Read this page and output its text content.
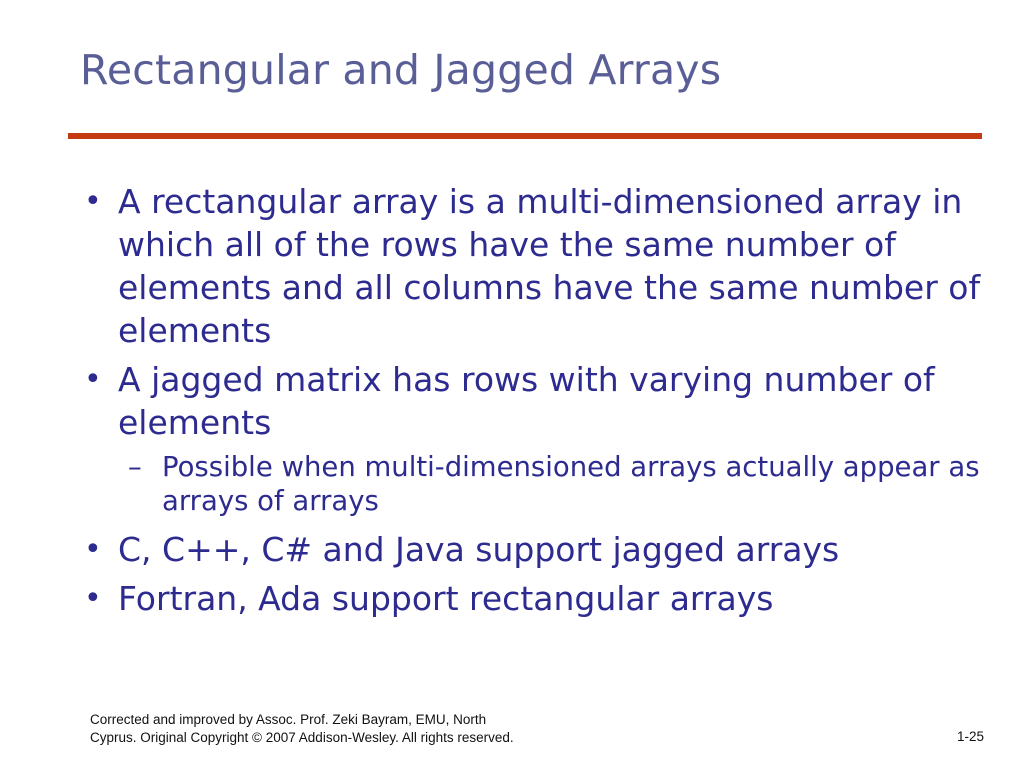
Rectangular and Jagged Arrays
• A rectangular array is a multi-dimensioned array in which all of the rows have the same number of elements and all columns have the same number of elements
• A jagged matrix has rows with varying number of elements
– Possible when multi-dimensioned arrays actually appear as arrays of arrays
• C, C++, C# and Java support jagged arrays
• Fortran, Ada support rectangular arrays
Corrected and improved by Assoc. Prof. Zeki Bayram, EMU, North
Cyprus. Original Copyright © 2007 Addison-Wesley. All rights reserved.	1-25
